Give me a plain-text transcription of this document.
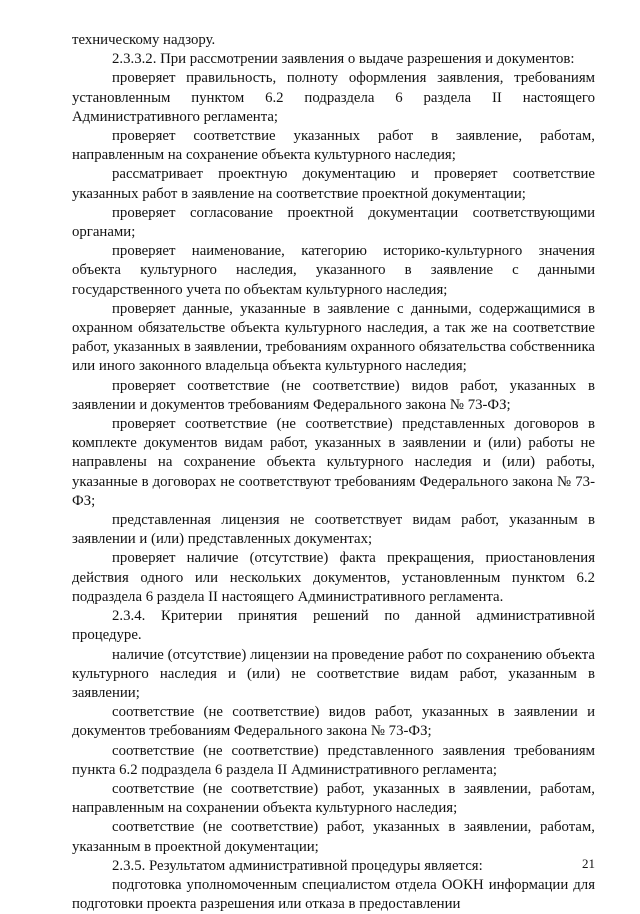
техническому надзору.

2.3.3.2. При рассмотрении заявления о выдаче разрешения и документов:

проверяет правильность, полноту оформления заявления, требованиям установленным пунктом 6.2 подраздела 6 раздела II настоящего Административного регламента;

проверяет соответствие указанных работ в заявление, работам, направленным на сохранение объекта культурного наследия;

рассматривает проектную документацию и проверяет соответствие указанных работ в заявление на соответствие проектной документации;

проверяет согласование проектной документации соответствующими органами;

проверяет наименование, категорию историко-культурного значения объекта культурного наследия, указанного в заявление с данными государственного учета по объектам культурного наследия;

проверяет данные, указанные в заявление с данными, содержащимися в охранном обязательстве объекта культурного наследия, а так же на соответствие работ, указанных в заявлении, требованиям охранного обязательства собственника или иного законного владельца объекта культурного наследия;

проверяет соответствие (не соответствие) видов работ, указанных в заявлении и документов требованиям Федерального закона № 73-ФЗ;

проверяет соответствие (не соответствие) представленных договоров в комплекте документов видам работ, указанных в заявлении и (или) работы не направлены на сохранение объекта культурного наследия и (или) работы, указанные в договорах не соответствуют требованиям Федерального закона № 73-ФЗ;

представленная лицензия не соответствует видам работ, указанным в заявлении и (или) представленных документах;

проверяет наличие (отсутствие) факта прекращения, приостановления действия одного или нескольких документов, установленным пунктом 6.2 подраздела 6 раздела II настоящего Административного регламента.

2.3.4. Критерии принятия решений по данной административной процедуре.

наличие (отсутствие) лицензии на проведение работ по сохранению объекта культурного наследия и (или) не соответствие видам работ, указанным в заявлении;

соответствие (не соответствие) видов работ, указанных в заявлении и документов требованиям Федерального закона № 73-ФЗ;

соответствие (не соответствие) представленного заявления требованиям пункта 6.2 подраздела 6 раздела II Административного регламента;

соответствие (не соответствие) работ, указанных в заявлении, работам, направленным на сохранении объекта культурного наследия;

соответствие (не соответствие) работ, указанных в заявлении, работам, указанным в проектной документации;

2.3.5. Результатом административной процедуры является:

подготовка уполномоченным специалистом отдела ООКН информации для подготовки проекта разрешения или отказа в предоставлении

21
